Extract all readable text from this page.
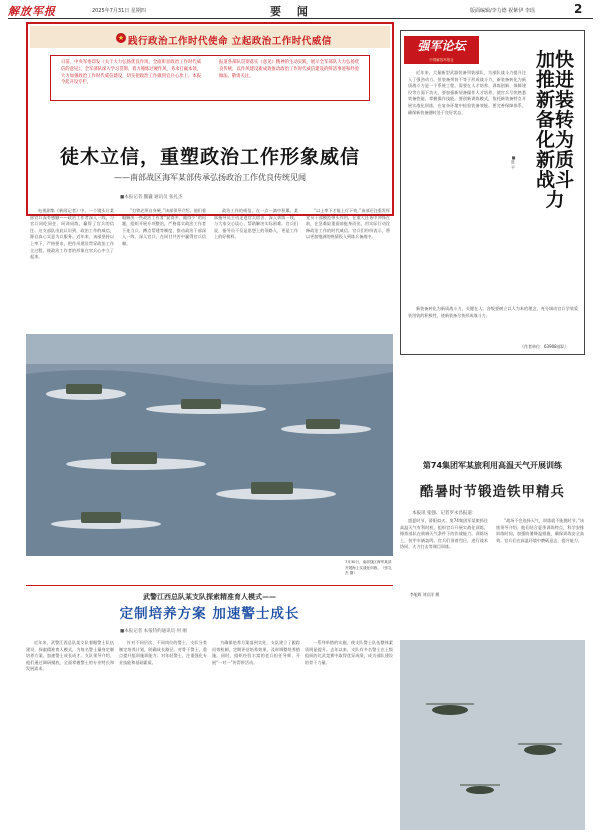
解放军报	2025年7月31日 星期四	要 闻	版面编辑/李力德 祝紫伊 李瑶	2
★ 践行政治工作时代使命 立起政治工作时代威信
日前，中央军委印发《关于大力弘扬优良作风、全面彰显政治工作时代威信的意见》，全军部队深入学习贯彻，着力锤炼过硬作风，务求打赢本领，大力加强政治工作时代威信建设，切实把政治工作做到官兵心坎上。本报今起开设专栏，
报道各部队贯彻落实《意见》精神的生动实践，展示全军部队大力弘扬优良传统，以作风建设新成效推动政治工作时代威信建设的鲜活事迹和经验做法。敬请关注。
徒木立信，重塑政治工作形象威信
——南部战区海军某部传承弘扬政治工作优良传统见闻
■本报记者 魏巍 通讯员 张礼杰

电视剧集《新闻记者》中，一个镜头让某部官兵深有感触——政治工作者深入一线，与官兵同吃同住、同训同练，赢得了官兵的信任。这支部队由此认识到，政治工作的威信，源自真心实意为兵服务。近年来，该部坚持以上率下、严格要求，把作风建设贯穿政治工作全过程，使政治工作者的形象在官兵心中立了起来。

“打铁必须自身硬。”该部领导介绍，他们着眼解决一些政治工作者“说得多、做得少”的问题，组织开展专项整治，严格落实政治工作者下连当兵、蹲点帮建等制度，推动政治干部深入一线、深入官兵，在同甘共苦中赢得官兵信赖。

政治工作的威信，在一点一滴中积累。某部指导员主动走进官兵宿舍、深入训练一线，与大家交心谈心，帮助解决实际困难。官兵们说，指导员不仅是思想上的领路人，更是工作上的好榜样。

“以上率下才能上行下效。”该部还注重发挥党员干部模范带头作用，在重大任务中冲锋在前，在急难险重面前挺身而出，用实际行动诠释政治工作的时代威信。官兵们纷纷表示，将以更加饱满的热情投入到练兵备战中。

强军论坛
中国解放军报社	加快推进新装备转化为新质战斗力
■陈 平

近年来，大量新型武器装备列装部队，为部队战斗力提升注入了强劲动力。但装备列装不等于形成战斗力，新装备转化为新质战斗力是一个系统工程，需要在人才培养、训练创新、保障建设等方面下功夫。要加强新装备操作人才培养，使官兵尽快熟悉装备性能，掌握操作技能。要创新训练模式，依托新装备特点开展实战化训练，在复杂环境中检验装备效能。要完善保障体系，确保新装备随时处于良好状态。

新装备转化为新质战斗力，关键在人。各级要树立以人为本的理念，充分调动官兵学装爱装用装的积极性，使新装备尽快形成战斗力。

（作者单位：63908部队）
7月30日，南部战区海军某部开展海上实战化训练。（张礼杰 摄）
第74集团军某旅利用高温天气开展训练
酷暑时节锻造铁甲精兵
本报讯 张强、记者罗永昌报道：

盛夏时节，骄阳似火。第74集团军某旅抓住高温天气有利时机，组织官兵开展实战化训练，锤炼部队在极端天气条件下的作战能力。训练场上，装甲车辆轰鸣，官兵们顶着烈日，进行战术协同、火力打击等课目训练。

“战场不会选择天气，训练就不能挑时节。”该旅领导介绍，他们结合夏季训练特点，科学安排训练时间，加强防暑降温措施，确保训练安全高效。官兵们在高温环境中磨砺意志，提升能力。

李旭辉 刘京洋 摄
武警江西总队某支队探索精准育人模式——
定制培养方案 加速警士成长
■本报记者 本报特约通讯员 何 刚

近年来，武警江西总队某支队着眼警士队伍建设，探索精准育人模式，为每名警士量身定制培养方案，加速警士成长成才。支队领导介绍，他们通过调研摸底，全面掌握警士的专业特长和发展需求。

针对不同层次、不同岗位的警士，支队分类制定培养计划，明确成长路径。对骨干警士，重点提升组训施训能力；对年轻警士，注重强化专业技能和基础素质。

为确保培养方案落到实处，支队建立了跟踪问效机制，定期评估培养效果，及时调整培养措施。同时，组织经验丰富的老兵担任导师，开展“一对一”传帮带活动。

一系列举措的实施，使支队警士队伍整体素质明显提升。去年以来，支队有多名警士在上级组织的比武竞赛中取得优异成绩，成为部队建设的骨干力量。
